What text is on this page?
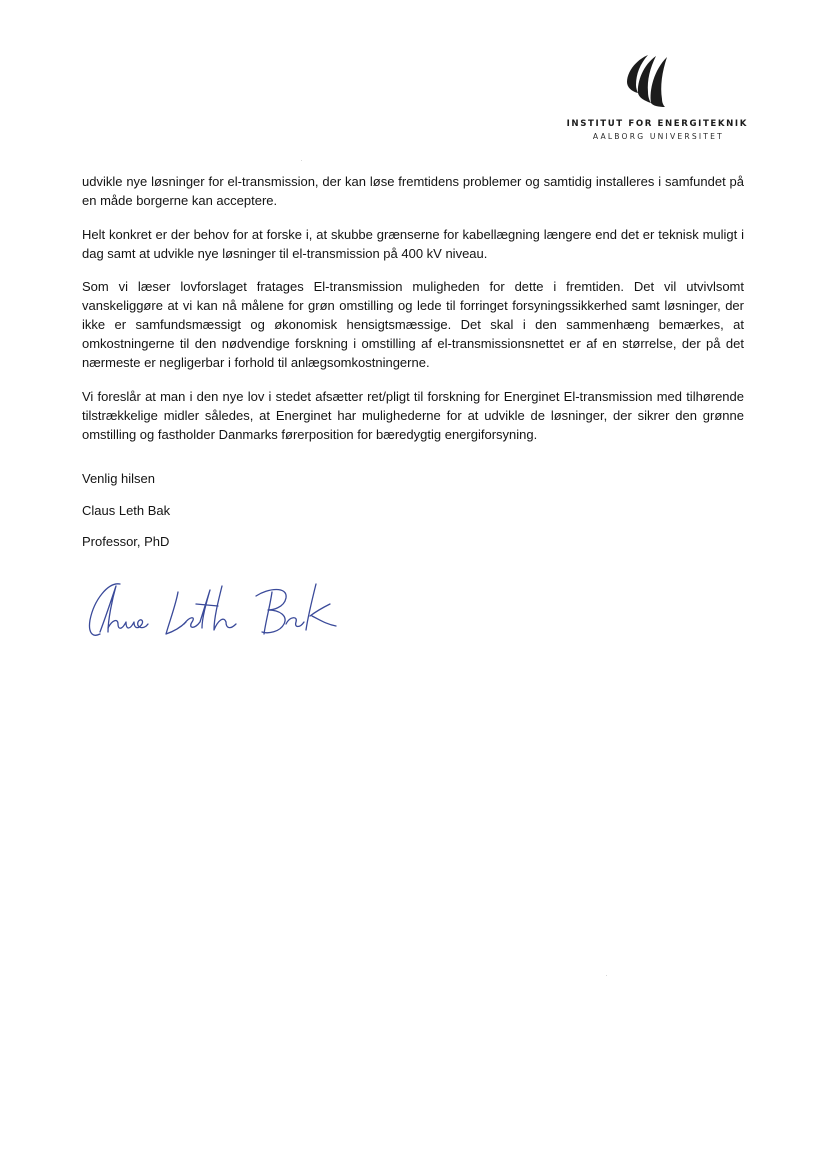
INSTITUT FOR ENERGITEKNIK
AALBORG UNIVERSITET

udvikle nye løsninger for el-transmission, der kan løse fremtidens problemer og samtidig installeres i samfundet på en måde borgerne kan acceptere.

Helt konkret er der behov for at forske i, at skubbe grænserne for kabellægning længere end det er teknisk muligt i dag samt at udvikle nye løsninger til el-transmission på 400 kV niveau.

Som vi læser lovforslaget fratages El-transmission muligheden for dette i fremtiden. Det vil utvivlsomt vanskeliggøre at vi kan nå målene for grøn omstilling og lede til forringet forsyningssikkerhed samt løsninger, der ikke er samfundsmæssigt og økonomisk hensigtsmæssige. Det skal i den sammenhæng bemærkes, at omkostningerne til den nødvendige forskning i omstilling af el-transmissionsnettet er af en størrelse, der på det nærmeste er negligerbar i forhold til anlægsomkostningerne.

Vi foreslår at man i den nye lov i stedet afsætter ret/pligt til forskning for Energinet El-transmission med tilhørende tilstrækkelige midler således, at Energinet har mulighederne for at udvikle de løsninger, der sikrer den grønne omstilling og fastholder Danmarks førerposition for bæredygtig energiforsyning.

Venlig hilsen
Claus Leth Bak
Professor, PhD
